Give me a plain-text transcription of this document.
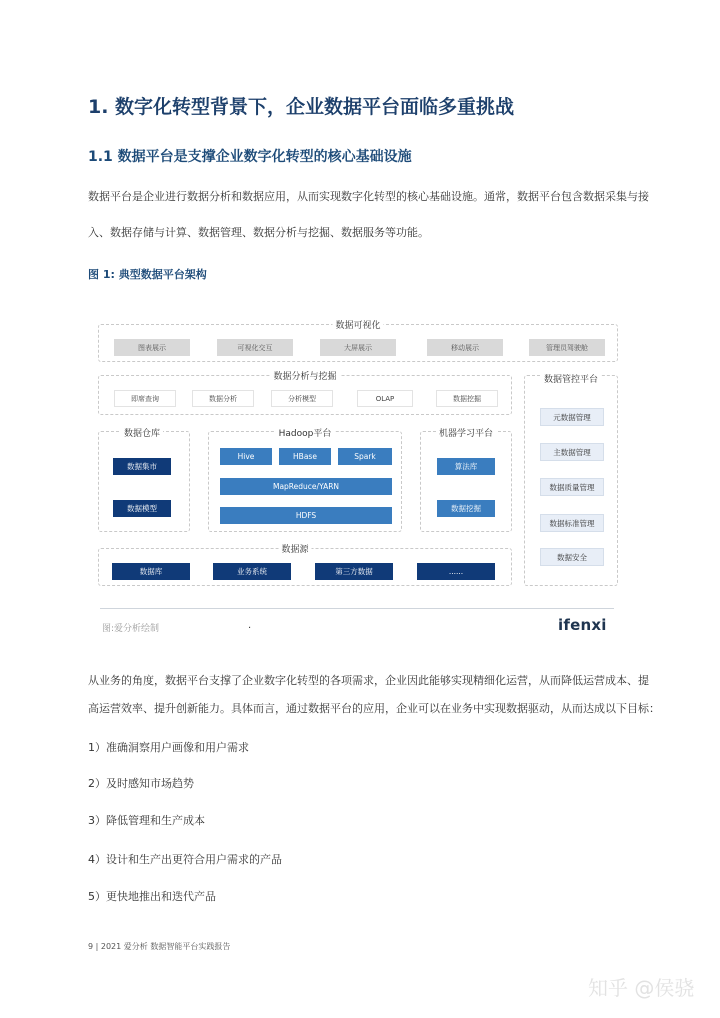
1. 数字化转型背景下，企业数据平台面临多重挑战
1.1 数据平台是支撑企业数字化转型的核心基础设施
数据平台是企业进行数据分析和数据应用，从而实现数字化转型的核心基础设施。通常，数据平台包含数据采集与接
入、数据存储与计算、数据管理、数据分析与挖掘、数据服务等功能。
图 1: 典型数据平台架构
数据可视化
图表展示	可视化交互	大屏展示	移动展示	管理员驾驶舱
数据分析与挖掘
即席查询	数据分析	分析模型	OLAP	数据挖掘
数据仓库
数据集市
数据模型
Hadoop平台
Hive	HBase	Spark
MapReduce/YARN
HDFS
机器学习平台
算法库
数据挖掘
数据源
数据库	业务系统	第三方数据	......
数据管控平台
元数据管理
主数据管理
数据质量管理
数据标准管理
数据安全
图:爱分析绘制	.	ifenxi
从业务的角度，数据平台支撑了企业数字化转型的各项需求，企业因此能够实现精细化运营，从而降低运营成本、提
高运营效率、提升创新能力。具体而言，通过数据平台的应用，企业可以在业务中实现数据驱动，从而达成以下目标：
1）准确洞察用户画像和用户需求
2）及时感知市场趋势
3）降低管理和生产成本
4）设计和生产出更符合用户需求的产品
5）更快地推出和迭代产品
9 | 2021 爱分析 数据智能平台实践报告
知乎 @侯骁
